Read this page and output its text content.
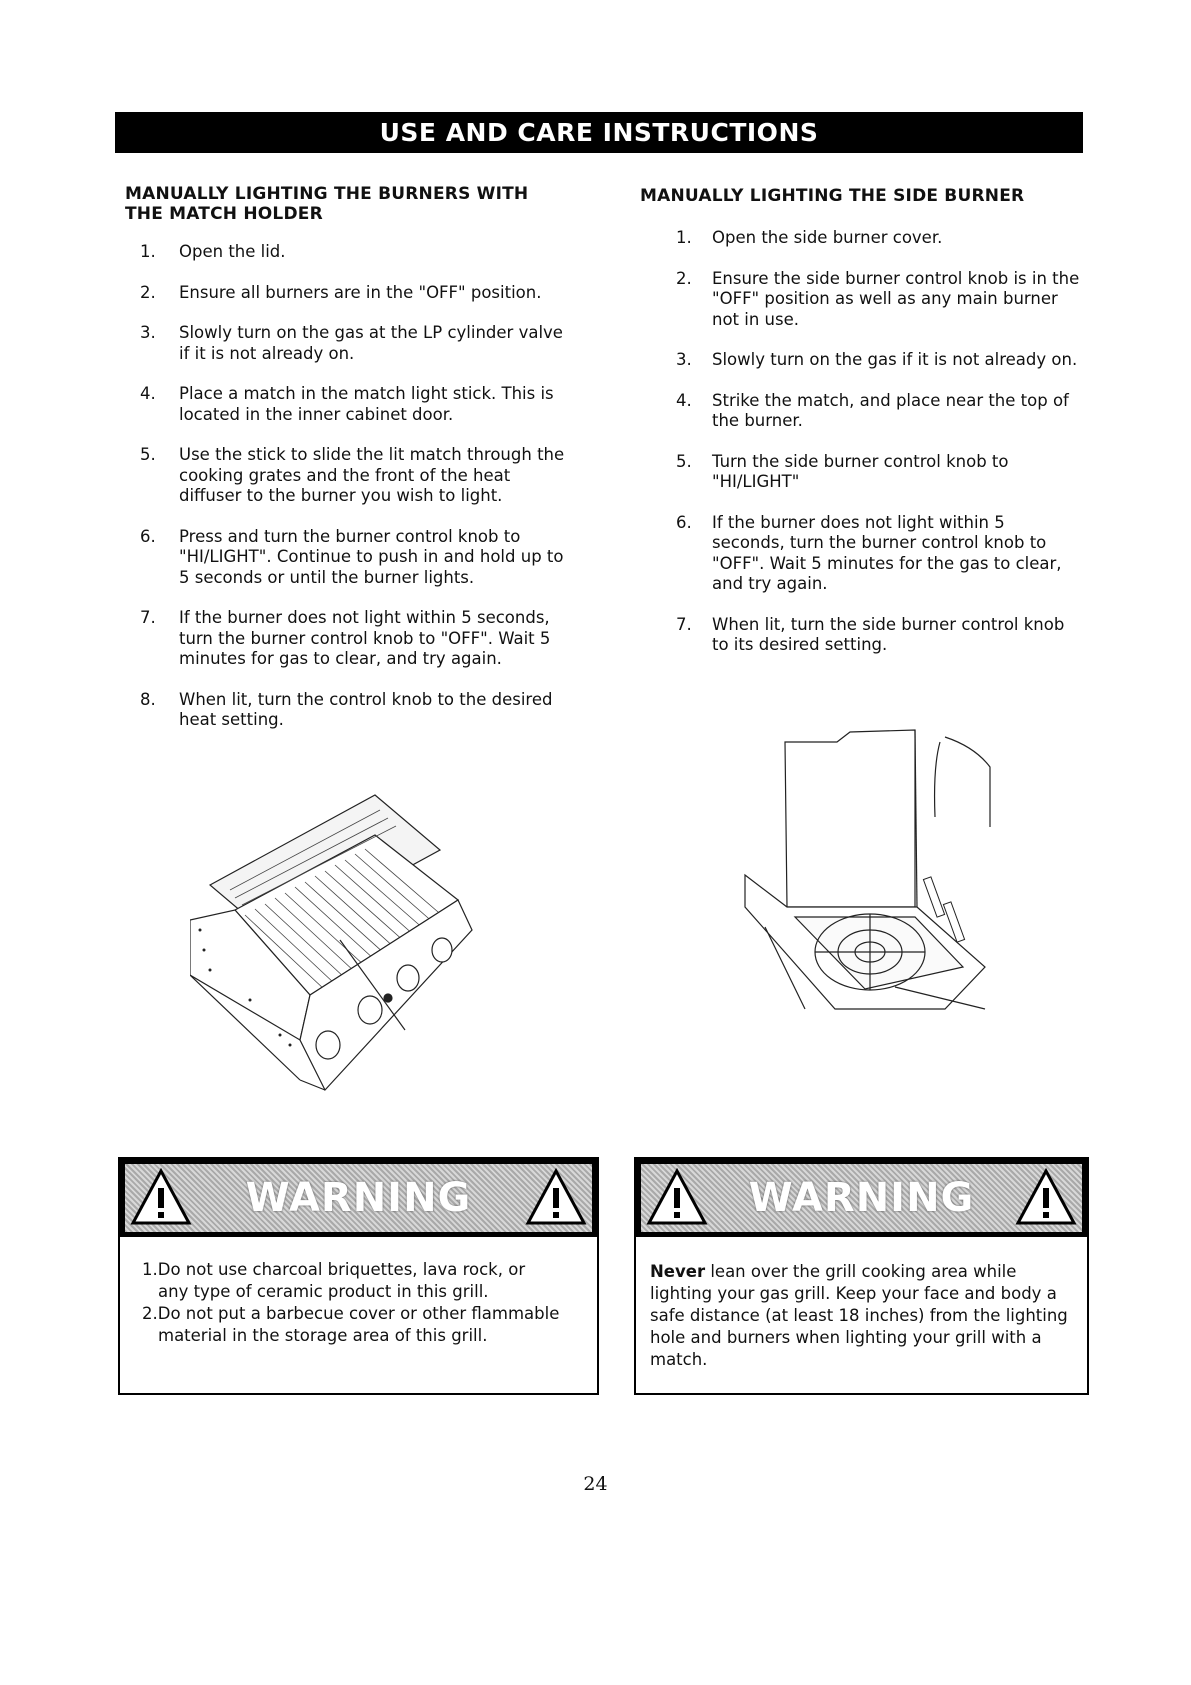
USE AND CARE INSTRUCTIONS
MANUALLY LIGHTING THE BURNERS WITH THE MATCH HOLDER
1. Open the lid.
2. Ensure all burners are in the "OFF" position.
3. Slowly turn on the gas at the LP cylinder valve if it is not already on.
4. Place a match in the match light stick. This is located in the inner cabinet door.
5. Use the stick to slide the lit match through the cooking grates and the front of the heat diffuser to the burner you wish to light.
6. Press and turn the burner control knob to "HI/LIGHT". Continue to push in and hold up to 5 seconds or until the burner lights.
7. If the burner does not light within 5 seconds, turn the burner control knob to "OFF". Wait 5 minutes for gas to clear, and try again.
8. When lit, turn the control knob to the desired heat setting.
MANUALLY LIGHTING THE SIDE BURNER
1. Open the side burner cover.
2. Ensure the side burner control knob is in the "OFF" position as well as any main burner not in use.
3. Slowly turn on the gas if it is not already on.
4. Strike the match, and place near the top of the burner.
5. Turn the side burner control knob to "HI/LIGHT"
6. If the burner does not light within 5 seconds, turn the burner control knob to "OFF". Wait 5 minutes for the gas to clear, and try again.
7. When lit, turn the side burner control knob to its desired setting.
WARNING

1.Do not use charcoal briquettes, lava rock, or

any type of ceramic product in this grill.

2.Do not put a barbecue cover or other flammable

material in the storage area of this grill.

WARNING

Never lean over the grill cooking area while lighting your gas grill. Keep your face and body a safe distance (at least 18 inches) from the lighting hole and burners when lighting your grill with a match.

24
